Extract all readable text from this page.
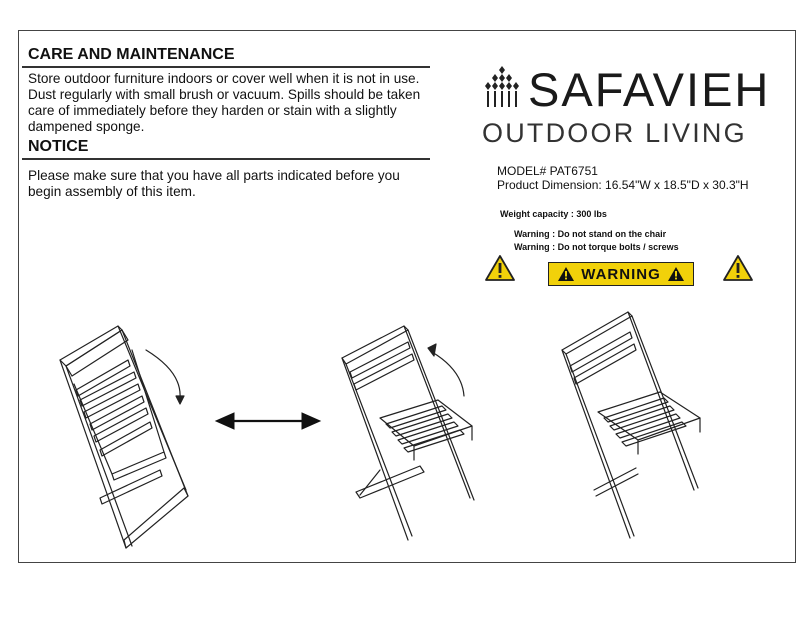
CARE AND MAINTENANCE
Store outdoor furniture indoors or cover well when it is not in use. Dust regularly with small brush or vacuum. Spills should be taken care of immediately before they harden or stain with a slightly dampened sponge.
NOTICE
Please make sure that you have all parts indicated before you begin assembly of this item.
SAFAVIEH
OUTDOOR LIVING
MODEL# PAT6751
Product Dimension: 16.54"W x 18.5"D x 30.3"H
Weight capacity : 300 lbs
Warning : Do not stand on the chair
Warning : Do not torque bolts / screws
WARNING
